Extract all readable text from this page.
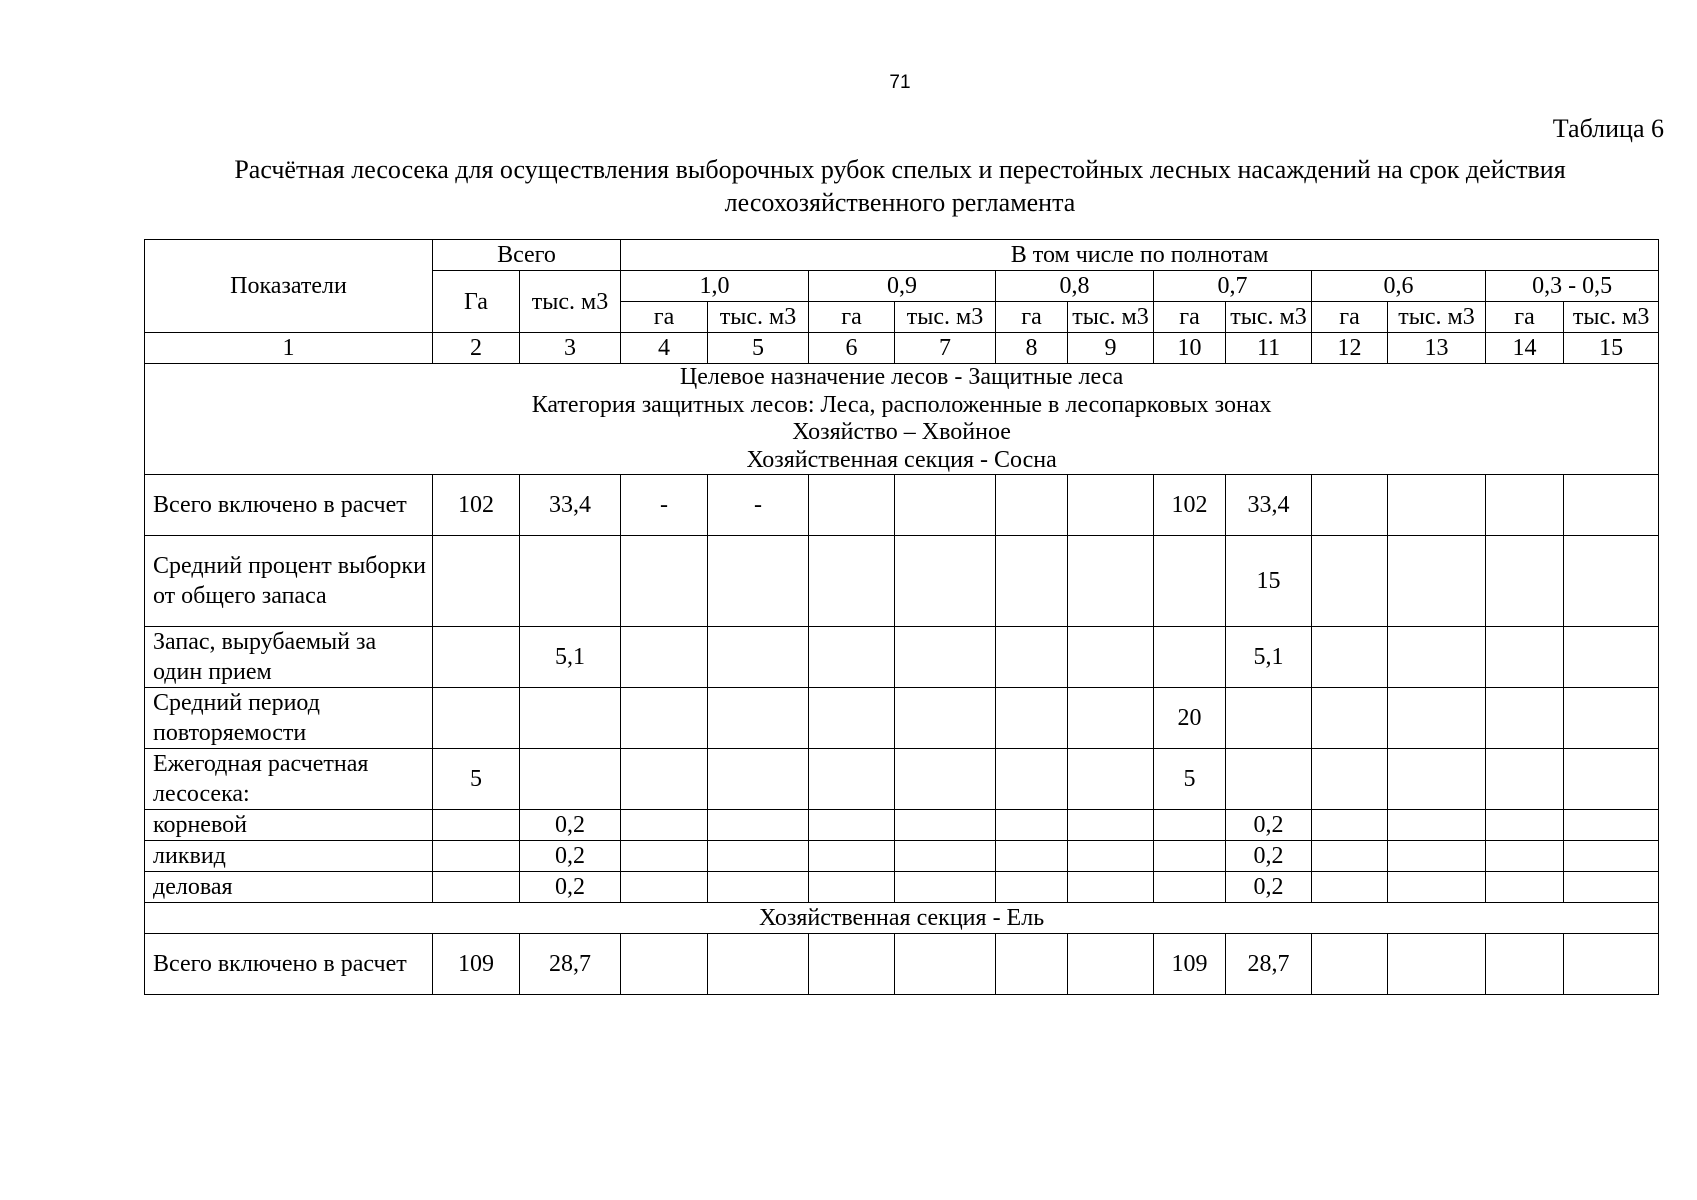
71
Таблица 6
Расчётная лесосека для осуществления выборочных рубок спелых и перестойных лесных насаждений на срок действия
лесохозяйственного регламента
Показатели	Всего		В том числе по полнотам											
	Га	тыс. м3	1,0		0,9		0,8		0,7		0,6		0,3 - 0,5	
			га	тыс. м3	га	тыс. м3	га	тыс. м3	га	тыс. м3	га	тыс. м3	га	тыс. м3
1	2	3	4	5	6	7	8	9	10	11	12	13	14	15

Целевое назначение лесов - Защитные леса
Категория защитных лесов: Леса, расположенные в лесопарковых зонах
Хозяйство – Хвойное
Хозяйственная секция - Сосна														

Всего включено в расчет	102	33,4	-	-					102	33,4				
Средний процент выборки от общего запаса										15				
Запас, вырубаемый за один прием		5,1								5,1				
Средний период повторяемости									20					
Ежегодная расчетная лесосека:	5								5					
корневой		0,2								0,2				
ликвид		0,2								0,2				
деловая		0,2								0,2				
Хозяйственная секция - Ель														
Всего включено в расчет	109	28,7							109	28,7				
